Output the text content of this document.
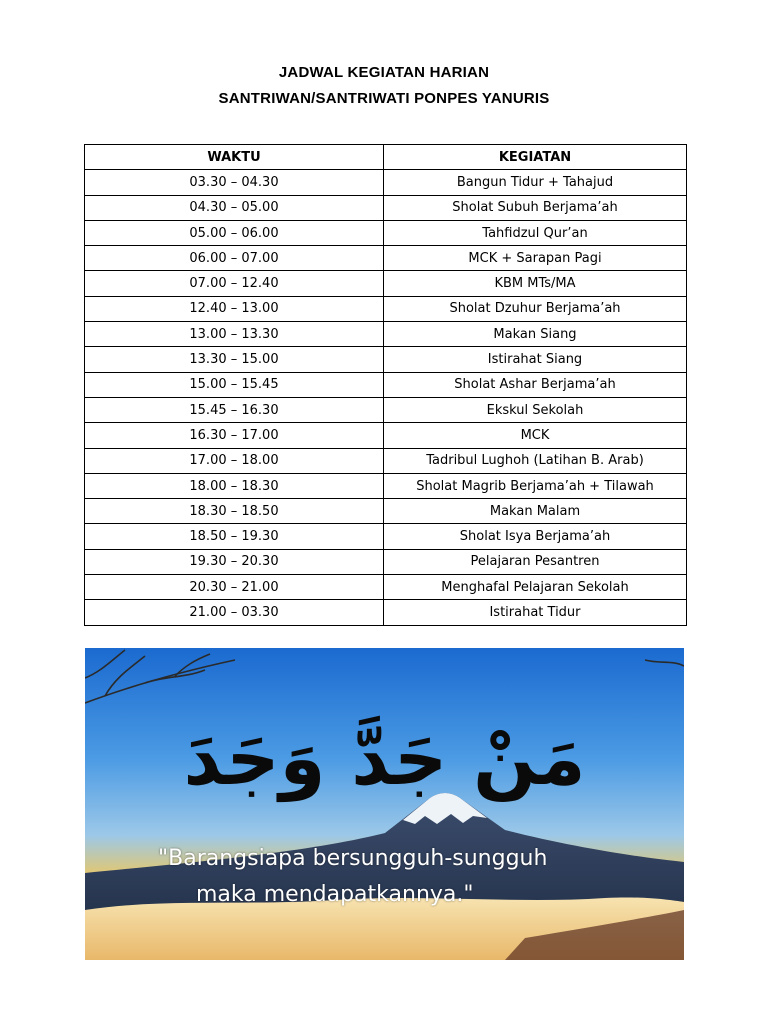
JADWAL KEGIATAN HARIAN
SANTRIWAN/SANTRIWATI PONPES YANURIS
WAKTU	KEGIATAN
03.30 – 04.30	Bangun Tidur + Tahajud
04.30 – 05.00	Sholat Subuh Berjama’ah
05.00 – 06.00	Tahfidzul Qur’an
06.00 – 07.00	MCK + Sarapan Pagi
07.00 – 12.40	KBM MTs/MA
12.40 – 13.00	Sholat Dzuhur Berjama’ah
13.00 – 13.30	Makan Siang
13.30 – 15.00	Istirahat Siang
15.00 – 15.45	Sholat Ashar Berjama’ah
15.45 – 16.30	Ekskul Sekolah
16.30 – 17.00	MCK
17.00 – 18.00	Tadribul Lughoh (Latihan B. Arab)
18.00 – 18.30	Sholat Magrib Berjama’ah + Tilawah
18.30 – 18.50	Makan Malam
18.50 – 19.30	Sholat Isya Berjama’ah
19.30 – 20.30	Pelajaran Pesantren
20.30 – 21.00	Menghafal Pelajaran Sekolah
21.00 – 03.30	Istirahat Tidur
مَنْ جَدَّ وَجَدَ
"Barangsiapa bersungguh-sungguh
maka mendapatkannya."
